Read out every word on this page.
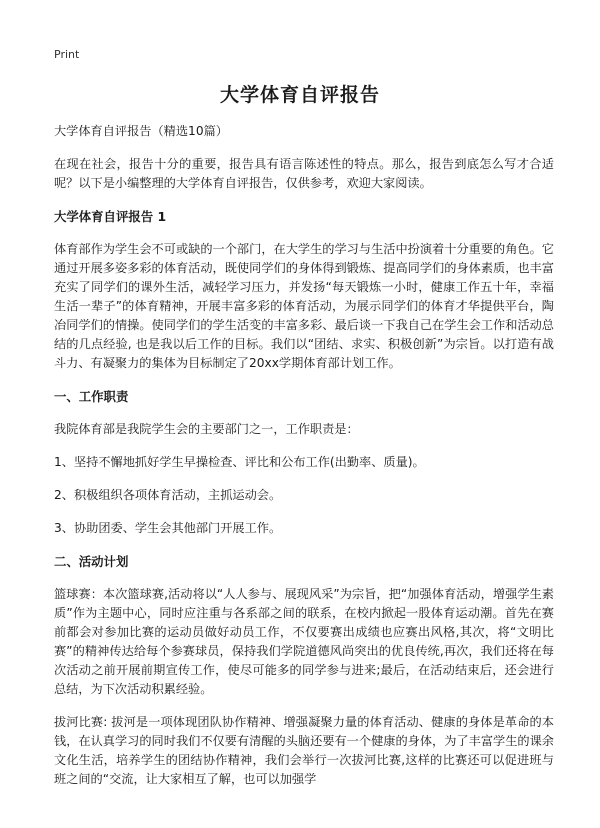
Print
大学体育自评报告

大学体育自评报告（精选10篇）

在现在社会，报告十分的重要，报告具有语言陈述性的特点。那么，报告到底怎么写才合适呢？以下是小编整理的大学体育自评报告，仅供参考，欢迎大家阅读。

大学体育自评报告 1

体育部作为学生会不可或缺的一个部门，在大学生的学习与生活中扮演着十分重要的角色。它通过开展多姿多彩的体育活动，既使同学们的身体得到锻炼、提高同学们的身体素质，也丰富充实了同学们的课外生活，减轻学习压力，并发扬“每天锻炼一小时，健康工作五十年，幸福生活一辈子”的体育精神，开展丰富多彩的体育活动，为展示同学们的体育才华提供平台，陶冶同学们的情操。使同学们的学生活变的丰富多彩、最后谈一下我自己在学生会工作和活动总结的几点经验, 也是我以后工作的目标。我们以“团结、求实、积极创新”为宗旨。以打造有战斗力、有凝聚力的集体为目标制定了20xx学期体育部计划工作。

一、工作职责

我院体育部是我院学生会的主要部门之一，工作职责是：

1、坚持不懈地抓好学生早操检查、评比和公布工作(出勤率、质量)。

2、积极组织各项体育活动，主抓运动会。

3、协助团委、学生会其他部门开展工作。

二、活动计划

篮球赛：本次篮球赛,活动将以“人人参与、展现风采”为宗旨，把“加强体育活动，增强学生素质”作为主题中心，同时应注重与各系部之间的联系，在校内掀起一股体育运动潮。首先在赛前都会对参加比赛的运动员做好动员工作，不仅要赛出成绩也应赛出风格,其次，将“文明比赛”的精神传达给每个参赛球员，保持我们学院道德风尚突出的优良传统,再次，我们还将在每次活动之前开展前期宣传工作，使尽可能多的同学参与进来;最后，在活动结束后，还会进行总结，为下次活动积累经验。

拔河比赛: 拔河是一项体现团队协作精神、增强凝聚力量的体育活动、健康的身体是革命的本钱，在认真学习的同时我们不仅要有清醒的头脑还要有一个健康的身体，为了丰富学生的课余文化生活，培养学生的团结协作精神，我们会举行一次拔河比赛,这样的比赛还可以促进班与班之间的“交流，让大家相互了解，也可以加强学
